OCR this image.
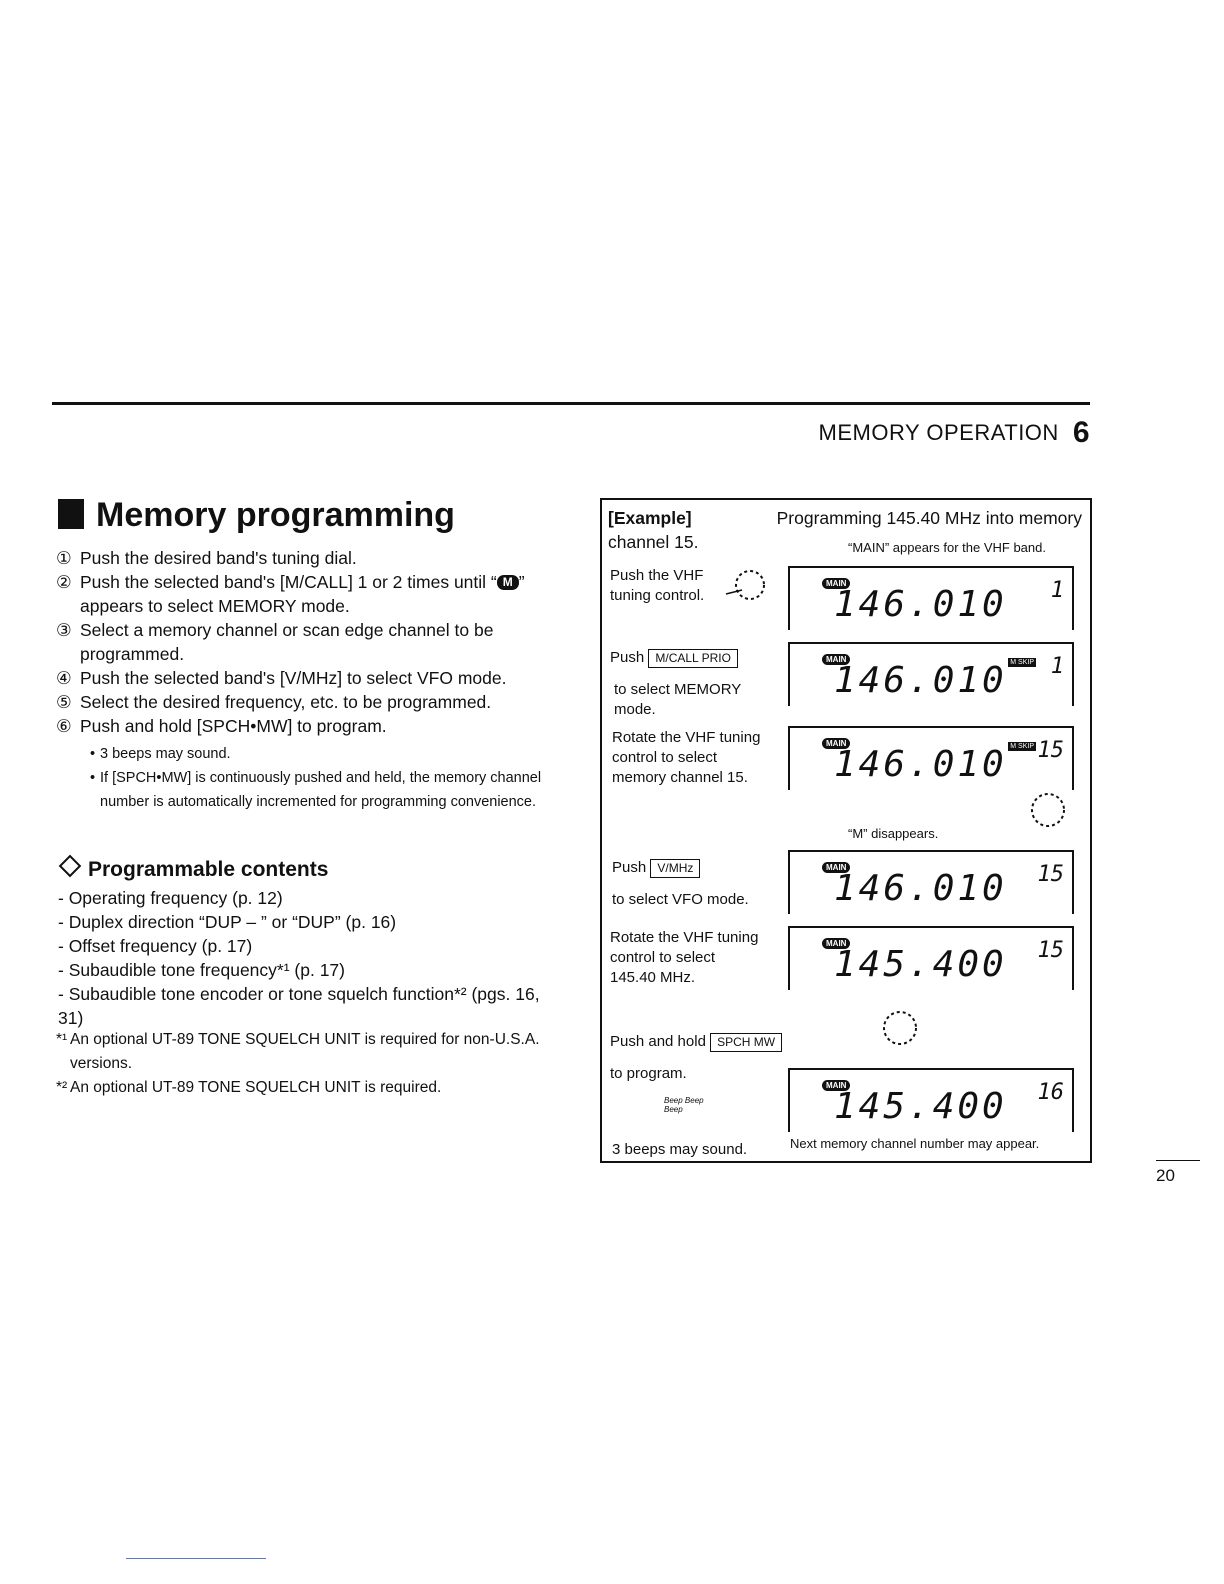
MEMORY OPERATION 6
Memory programming
① Push the desired band's tuning dial.
② Push the selected band's [M/CALL] 1 or 2 times until “ M ” appears to select MEMORY mode.
③ Select a memory channel or scan edge channel to be programmed.
④ Push the selected band's [V/MHz] to select VFO mode.
⑤ Select the desired frequency, etc. to be programmed.
⑥ Push and hold [SPCH•MW] to program.
• 3 beeps may sound.
• If [SPCH•MW] is continuously pushed and held, the memory channel number is automatically incremented for programming convenience.
Programmable contents
- Operating frequency (p. 12)
- Duplex direction “DUP – ” or “DUP” (p. 16)
- Offset frequency (p. 17)
- Subaudible tone frequency*¹ (p. 17)
- Subaudible tone encoder or tone squelch function*² (pgs. 16, 31)
*¹ An optional UT-89 TONE SQUELCH UNIT is required for non-U.S.A. versions.
*² An optional UT-89 TONE SQUELCH UNIT is required.
[Example]	Programming 145.40 MHz into memory
channel 15.	“MAIN” appears for the VHF band.
Push the VHF tuning control.
Push M/CALL PRIO
to select MEMORY mode.
Rotate the VHF tuning control to select memory channel 15.
“M” disappears.
Push V/MHz
to select VFO mode.
Rotate the VHF tuning control to select 145.40 MHz.
Push and hold SPCH MW
to program.
Beep Beep Beep
3 beeps may sound.	Next memory channel number may appear.
MAIN
146.010 1
MAIN
146.010 M SKIP 1
MAIN
146.010 M SKIP 15
MAIN
146.010 15
MAIN
145.400 15
MAIN
145.400 16
20
